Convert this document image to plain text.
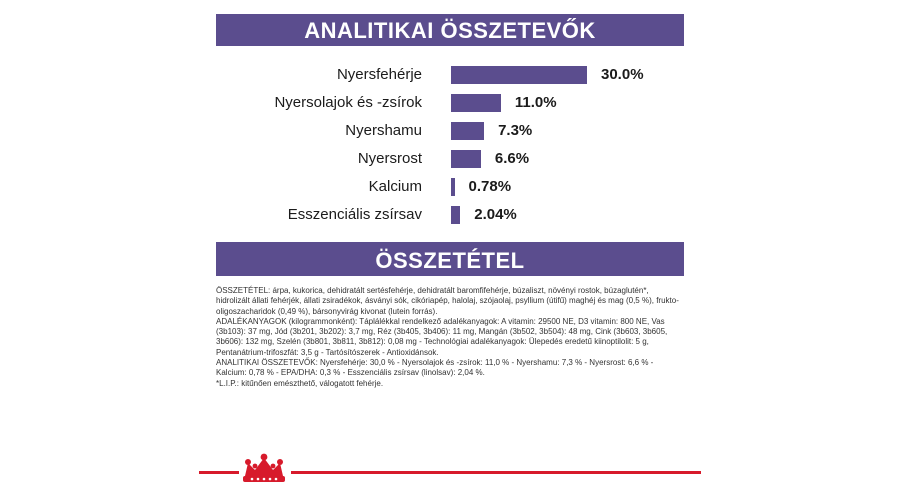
ANALITIKAI ÖSSZETEVŐK
Nyersfehérje	30.0%
Nyersolajok és -zsírok	11.0%
Nyershamu	7.3%
Nyersrost	6.6%
Kalcium	0.78%
Esszenciális zsírsav	2.04%
ÖSSZETÉTEL

ÖSSZETÉTEL: árpa, kukorica, dehidratált sertésfehérje, dehidratált baromfifehérje, búzaliszt, növényi rostok, búzaglutén*, hidrolizált állati fehérjék, állati zsiradékok, ásványi sók, cikóriapép, halolaj, szójaolaj, psyllium (útifű) maghéj és mag (0,5 %), frukto-oligoszacharidok (0,49 %), bársonyvirág kivonat (lutein forrás).

ADALÉKANYAGOK (kilogrammonként): Táplálékkal rendelkező adalékanyagok: A vitamin: 29500 NE, D3 vitamin: 800 NE, Vas (3b103): 37 mg, Jód (3b201, 3b202): 3,7 mg, Réz (3b405, 3b406): 11 mg, Mangán (3b502, 3b504): 48 mg, Cink (3b603, 3b605, 3b606): 132 mg, Szelén (3b801, 3b811, 3b812): 0,08 mg - Technológiai adalékanyagok: Ülepedés eredetű kiinoptilolit: 5 g, Pentanátrium-trifoszfát: 3,5 g - Tartósítószerek - Antioxidánsok.

ANALITIKAI ÖSSZETEVŐK: Nyersfehérje: 30,0 % - Nyersolajok és -zsírok: 11,0 % - Nyershamu: 7,3 % - Nyersrost: 6,6 % - Kalcium: 0,78 % - EPA/DHA: 0,3 % - Esszenciális zsírsav (linolsav): 2,04 %.

*L.I.P.: kitűnően emészthető, válogatott fehérje.
